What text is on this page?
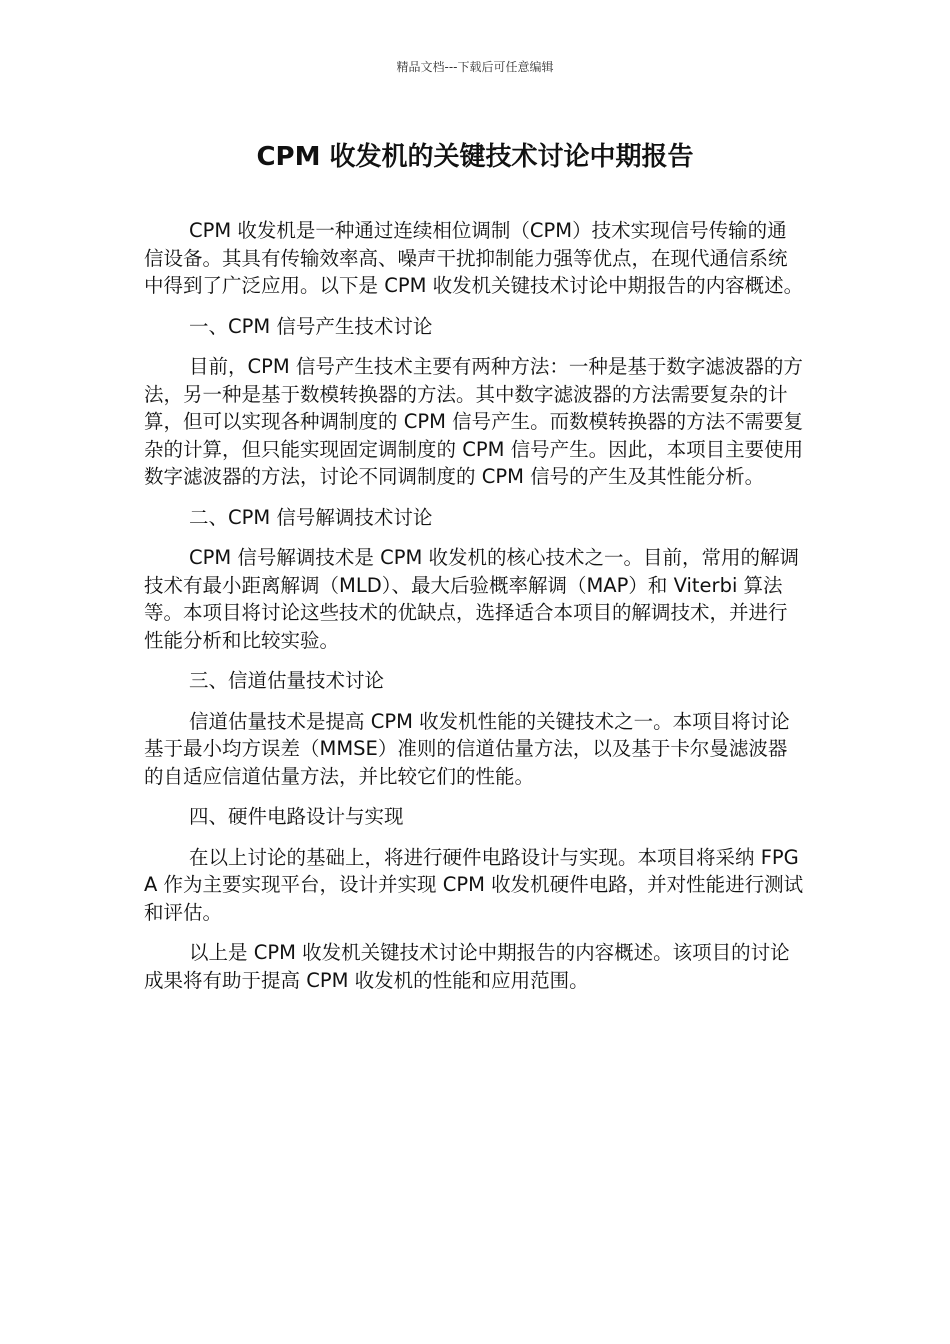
精品文档---下载后可任意编辑
CPM 收发机的关键技术讨论中期报告

CPM 收发机是一种通过连续相位调制（CPM）技术实现信号传输的通信设备。其具有传输效率高、噪声干扰抑制能力强等优点，在现代通信系统中得到了广泛应用。以下是 CPM 收发机关键技术讨论中期报告的内容概述。

一、CPM 信号产生技术讨论

目前，CPM 信号产生技术主要有两种方法：一种是基于数字滤波器的方法，另一种是基于数模转换器的方法。其中数字滤波器的方法需要复杂的计算，但可以实现各种调制度的 CPM 信号产生。而数模转换器的方法不需要复杂的计算，但只能实现固定调制度的 CPM 信号产生。因此，本项目主要使用数字滤波器的方法，讨论不同调制度的 CPM 信号的产生及其性能分析。

二、CPM 信号解调技术讨论

CPM 信号解调技术是 CPM 收发机的核心技术之一。目前，常用的解调技术有最小距离解调（MLD）、最大后验概率解调（MAP）和 Viterbi 算法等。本项目将讨论这些技术的优缺点，选择适合本项目的解调技术，并进行性能分析和比较实验。

三、信道估量技术讨论

信道估量技术是提高 CPM 收发机性能的关键技术之一。本项目将讨论基于最小均方误差（MMSE）准则的信道估量方法，以及基于卡尔曼滤波器的自适应信道估量方法，并比较它们的性能。

四、硬件电路设计与实现

在以上讨论的基础上，将进行硬件电路设计与实现。本项目将采纳 FPGA 作为主要实现平台，设计并实现 CPM 收发机硬件电路，并对性能进行测试和评估。

以上是 CPM 收发机关键技术讨论中期报告的内容概述。该项目的讨论成果将有助于提高 CPM 收发机的性能和应用范围。
